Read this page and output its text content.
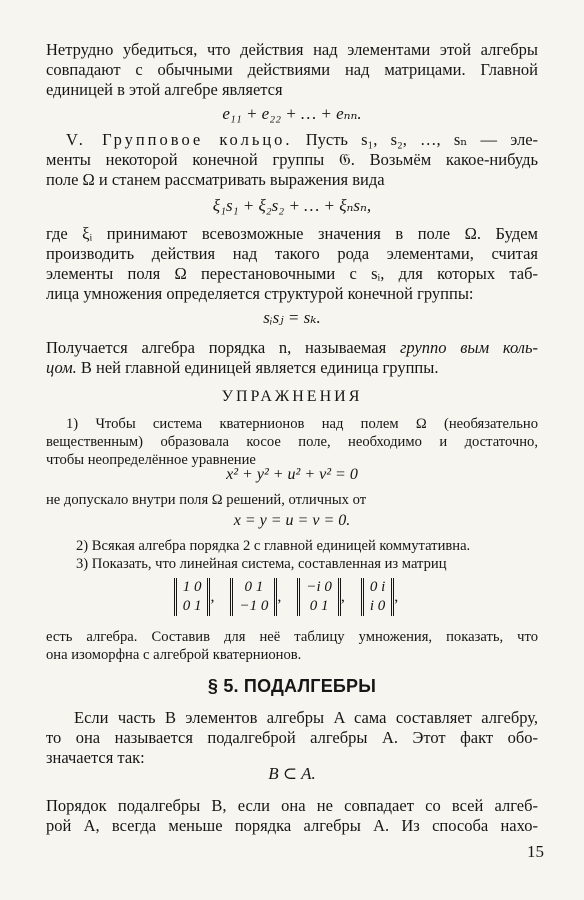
Нетрудно убедиться, что действия над элементами этой алгебры
совпадают с обычными действиями над матрицами. Главной
единицей в этой алгебре является
e₁₁ + e₂₂ + … + eₙₙ.
V. Групповое кольцо. Пусть s₁, s₂, …, sₙ — эле-
менты некоторой конечной группы 𝔊. Возьмём какое-нибудь
поле Ω и станем рассматривать выражения вида
ξ₁s₁ + ξ₂s₂ + … + ξₙsₙ,
где ξᵢ принимают всевозможные значения в поле Ω. Будем
производить действия над такого рода элементами, считая
элементы поля Ω перестановочными с sᵢ, для которых таб-
лица умножения определяется структурой конечной группы:
sᵢsⱼ = sₖ.
Получается алгебра порядка n, называемая группо вым коль-
цом. В ней главной единицей является единица группы.
УПРАЖНЕНИЯ
1) Чтобы система кватернионов над полем Ω (необязательно
вещественным) образовала косое поле, необходимо и достаточно,
чтобы неопределённое уравнение
x² + y² + u² + v² = 0
не допускало внутри поля Ω решений, отличных от
x = y = u = v = 0.
2) Всякая алгебра порядка 2 с главной единицей коммутативна.
3) Показать, что линейная система, составленная из матриц
1 0
0 1
,
0 1
−1 0
,
−i 0
0 1
,
0 i
i 0
,
есть алгебра. Составив для неё таблицу умножения, показать, что
она изоморфна с алгеброй кватернионов.
§ 5. ПОДАЛГЕБРЫ
Если часть B элементов алгебры A сама составляет алгебру,
то она называется подалгеброй алгебры A. Этот факт обо-
значается так:
B ⊂ A.
Порядок подалгебры B, если она не совпадает со всей алгеб-
рой A, всегда меньше порядка алгебры A. Из способа нахо-
15
